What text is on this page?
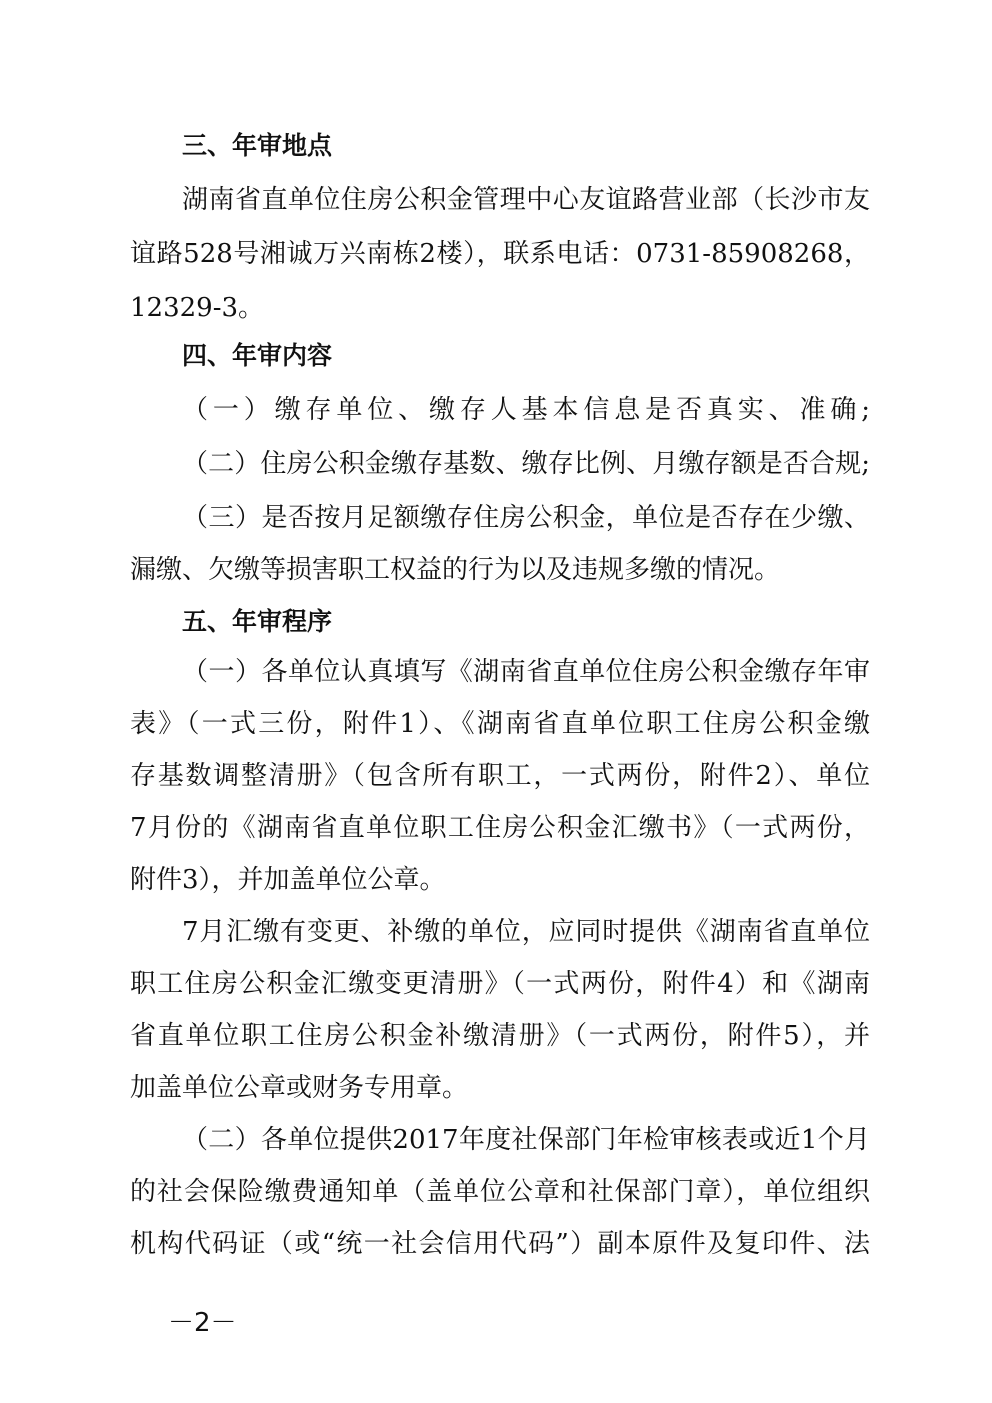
三、年审地点
湖南省直单位住房公积金管理中心友谊路营业部（长沙市友
谊路528号湘诚万兴南栋2楼），联系电话：0731-85908268，
12329-3。
四、年审内容
（一）缴存单位、缴存人基本信息是否真实、准确;
（二）住房公积金缴存基数、缴存比例、月缴存额是否合规;
（三）是否按月足额缴存住房公积金，单位是否存在少缴、
漏缴、欠缴等损害职工权益的行为以及违规多缴的情况。
五、年审程序
（一）各单位认真填写《湖南省直单位住房公积金缴存年审
表》（一式三份，附件1）、《湖南省直单位职工住房公积金缴
存基数调整清册》（包含所有职工，一式两份，附件2）、单位
7月份的《湖南省直单位职工住房公积金汇缴书》（一式两份，
附件3），并加盖单位公章。
7月汇缴有变更、补缴的单位，应同时提供《湖南省直单位
职工住房公积金汇缴变更清册》（一式两份，附件4）和《湖南
省直单位职工住房公积金补缴清册》（一式两份，附件5），并
加盖单位公章或财务专用章。
（二）各单位提供2017年度社保部门年检审核表或近1个月
的社会保险缴费通知单（盖单位公章和社保部门章），单位组织
机构代码证（或“统一社会信用代码”）副本原件及复印件、法
－2－
